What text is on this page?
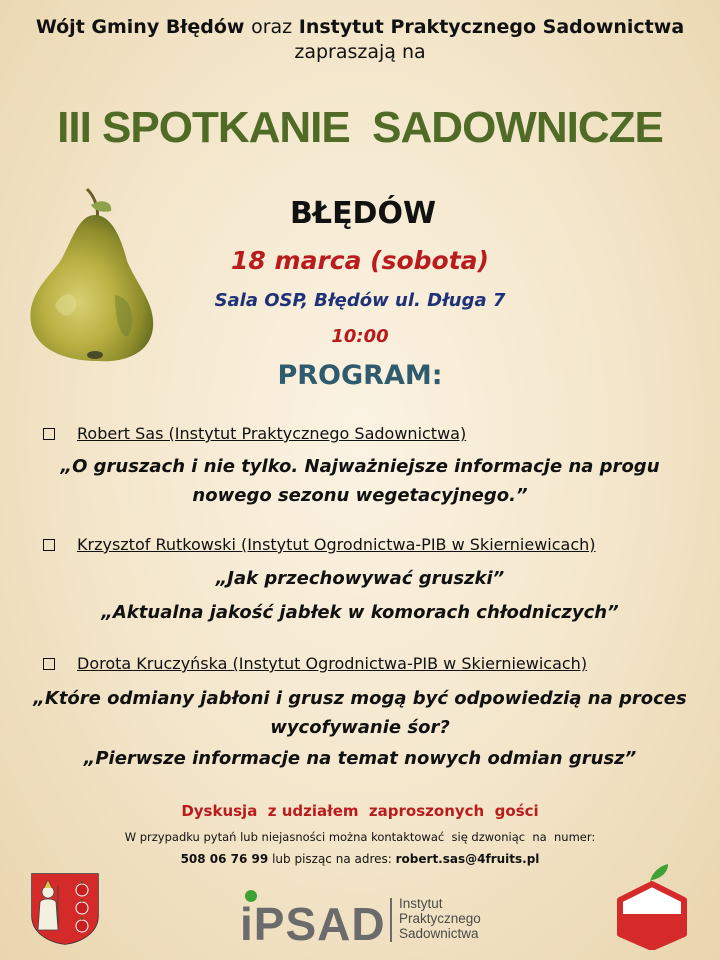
Wójt Gminy Błędów oraz Instytut Praktycznego Sadownictwa
zapraszają na
III SPOTKANIE  SADOWNICZE
BŁĘDÓW
18 marca (sobota)
Sala OSP, Błędów ul. Długa 7
10:00
PROGRAM:
Robert Sas (Instytut Praktycznego Sadownictwa)
„O gruszach i nie tylko. Najważniejsze informacje na progu nowego sezonu wegetacyjnego.”
Krzysztof Rutkowski (Instytut Ogrodnictwa-PIB w Skierniewicach)
„Jak przechowywać gruszki”
„Aktualna jakość jabłek w komorach chłodniczych”
Dorota Kruczyńska (Instytut Ogrodnictwa-PIB w Skierniewicach)
„Które odmiany jabłoni i grusz mogą być odpowiedzią na proces wycofywanie śor?
„Pierwsze informacje na temat nowych odmian grusz”
Dyskusja  z udziałem  zaproszonych  gości
W przypadku pytań lub niejasności można kontaktować  się dzwoniąc  na  numer:
508 06 76 99 lub pisząc na adres: robert.sas@4fruits.pl
iPSAD Instytut
Praktycznego
Sadownictwa
